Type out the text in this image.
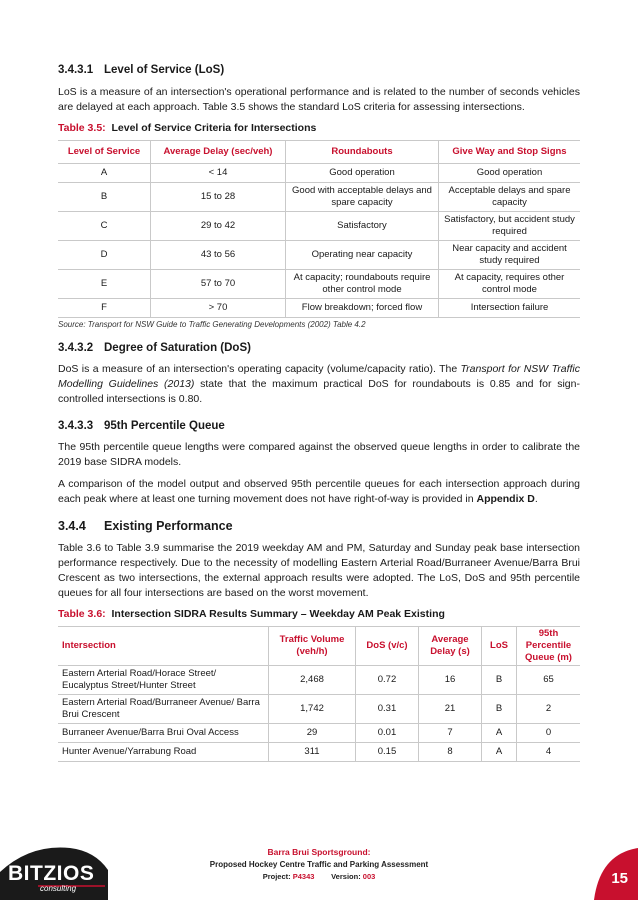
3.4.3.1 Level of Service (LoS)

LoS is a measure of an intersection's operational performance and is related to the number of seconds vehicles are delayed at each approach. Table 3.5 shows the standard LoS criteria for assessing intersections.

Table 3.5: Level of Service Criteria for Intersections
Level of Service	Average Delay (sec/veh)	Roundabouts	Give Way and Stop Signs
A	< 14	Good operation	Good operation
B	15 to 28	Good with acceptable delays and spare capacity	Acceptable delays and spare capacity
C	29 to 42	Satisfactory	Satisfactory, but accident study required
D	43 to 56	Operating near capacity	Near capacity and accident study required
E	57 to 70	At capacity; roundabouts require other control mode	At capacity, requires other control mode
F	> 70	Flow breakdown; forced flow	Intersection failure
Source: Transport for NSW Guide to Traffic Generating Developments (2002) Table 4.2
3.4.3.2 Degree of Saturation (DoS)

DoS is a measure of an intersection's operating capacity (volume/capacity ratio). The Transport for NSW Traffic Modelling Guidelines (2013) state that the maximum practical DoS for roundabouts is 0.85 and for sign-controlled intersections is 0.80.

3.4.3.3 95th Percentile Queue

The 95th percentile queue lengths were compared against the observed queue lengths in order to calibrate the 2019 base SIDRA models.

A comparison of the model output and observed 95th percentile queues for each intersection approach during each peak where at least one turning movement does not have right-of-way is provided in Appendix D.

3.4.4 Existing Performance

Table 3.6 to Table 3.9 summarise the 2019 weekday AM and PM, Saturday and Sunday peak base intersection performance respectively. Due to the necessity of modelling Eastern Arterial Road/Burraneer Avenue/Barra Brui Crescent as two intersections, the external approach results were adopted. The LoS, DoS and 95th percentile queues for all four intersections are based on the worst movement.

Table 3.6: Intersection SIDRA Results Summary – Weekday AM Peak Existing
Intersection	Traffic Volume (veh/h)	DoS (v/c)	Average Delay (s)	LoS	95th Percentile Queue (m)
Eastern Arterial Road/Horace Street/ Eucalyptus Street/Hunter Street	2,468	0.72	16	B	65
Eastern Arterial Road/Burraneer Avenue/ Barra Brui Crescent	1,742	0.31	21	B	2
Burraneer Avenue/Barra Brui Oval Access	29	0.01	7	A	0
Hunter Avenue/Yarrabung Road	311	0.15	8	A	4
BITZIOS
consulting
Barra Brui Sportsground:
Proposed Hockey Centre Traffic and Parking Assessment
Project: P4343 Version: 003	15
